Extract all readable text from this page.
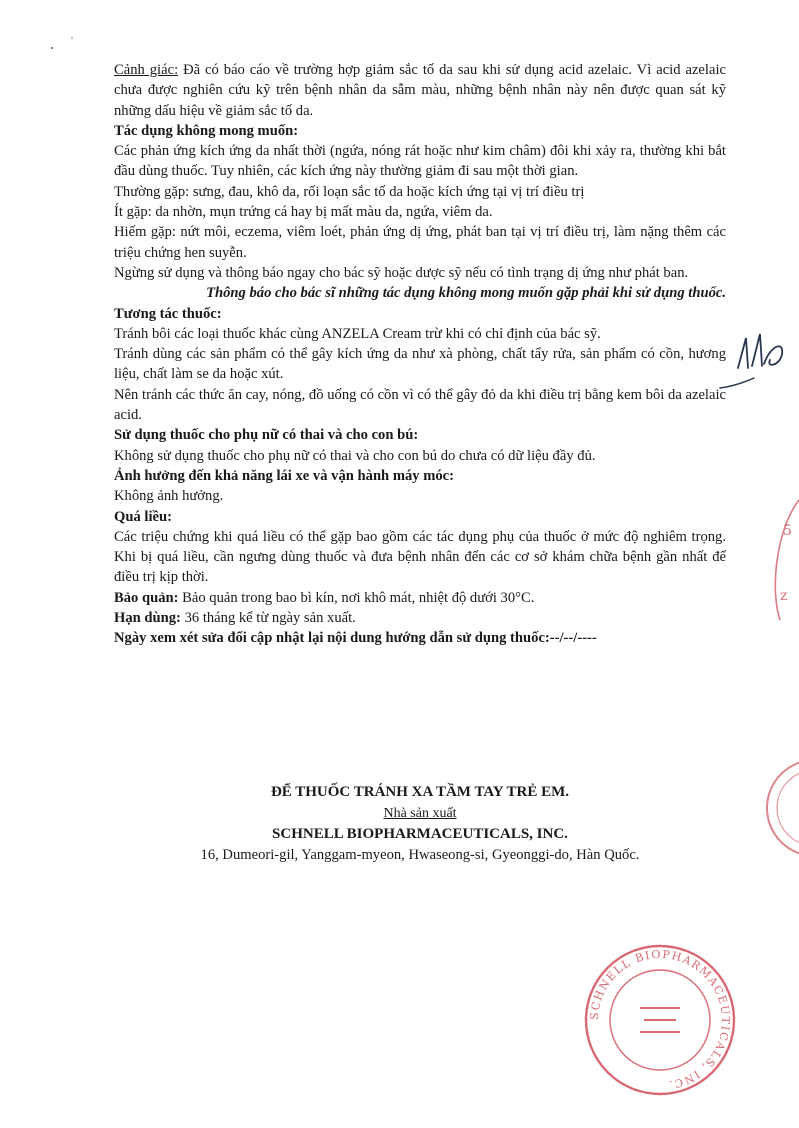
Cảnh giác: Đã có báo cáo về trường hợp giảm sắc tố da sau khi sử dụng acid azelaic. Vì acid azelaic chưa được nghiên cứu kỹ trên bệnh nhân da sẫm màu, những bệnh nhân này nên được quan sát kỹ những dấu hiệu về giảm sắc tố da.

Tác dụng không mong muốn:

Các phản ứng kích ứng da nhất thời (ngứa, nóng rát hoặc như kim châm) đôi khi xảy ra, thường khi bắt đầu dùng thuốc. Tuy nhiên, các kích ứng này thường giảm đi sau một thời gian.

Thường gặp: sưng, đau, khô da, rối loạn sắc tố da hoặc kích ứng tại vị trí điều trị

Ít gặp: da nhờn, mụn trứng cá hay bị mất màu da, ngứa, viêm da.

Hiếm gặp: nứt môi, eczema, viêm loét, phản ứng dị ứng, phát ban tại vị trí điều trị, làm nặng thêm các triệu chứng hen suyễn.

Ngừng sử dụng và thông báo ngay cho bác sỹ hoặc dược sỹ nếu có tình trạng dị ứng như phát ban.

Thông báo cho bác sĩ những tác dụng không mong muốn gặp phải khi sử dụng thuốc.

Tương tác thuốc:

Tránh bôi các loại thuốc khác cùng ANZELA Cream trừ khi có chỉ định của bác sỹ.

Tránh dùng các sản phẩm có thể gây kích ứng da như xà phòng, chất tẩy rửa, sản phẩm có cồn, hương liệu, chất làm se da hoặc xút.

Nên tránh các thức ăn cay, nóng, đồ uống có cồn vì có thể gây đỏ da khi điều trị bằng kem bôi da azelaic acid.

Sử dụng thuốc cho phụ nữ có thai và cho con bú:

Không sử dụng thuốc cho phụ nữ có thai và cho con bú do chưa có dữ liệu đầy đủ.

Ảnh hưởng đến khả năng lái xe và vận hành máy móc:

Không ảnh hưởng.

Quá liều:

Các triệu chứng khi quá liều có thể gặp bao gồm các tác dụng phụ của thuốc ở mức độ nghiêm trọng. Khi bị quá liều, cần ngưng dùng thuốc và đưa bệnh nhân đến các cơ sở khám chữa bệnh gần nhất để điều trị kịp thời.

Bảo quản: Bảo quản trong bao bì kín, nơi khô mát, nhiệt độ dưới 30°C.

Hạn dùng: 36 tháng kể từ ngày sản xuất.

Ngày xem xét sửa đổi cập nhật lại nội dung hướng dẫn sử dụng thuốc:--/--/----

ĐỂ THUỐC TRÁNH XA TẦM TAY TRẺ EM.
Nhà sản xuất
SCHNELL BIOPHARMACEUTICALS, INC.
16, Dumeori-gil, Yanggam-myeon, Hwaseong-si, Gyeonggi-do, Hàn Quốc.
5
z
SCHNELL BIOPHARMACEUTICALS, INC.
